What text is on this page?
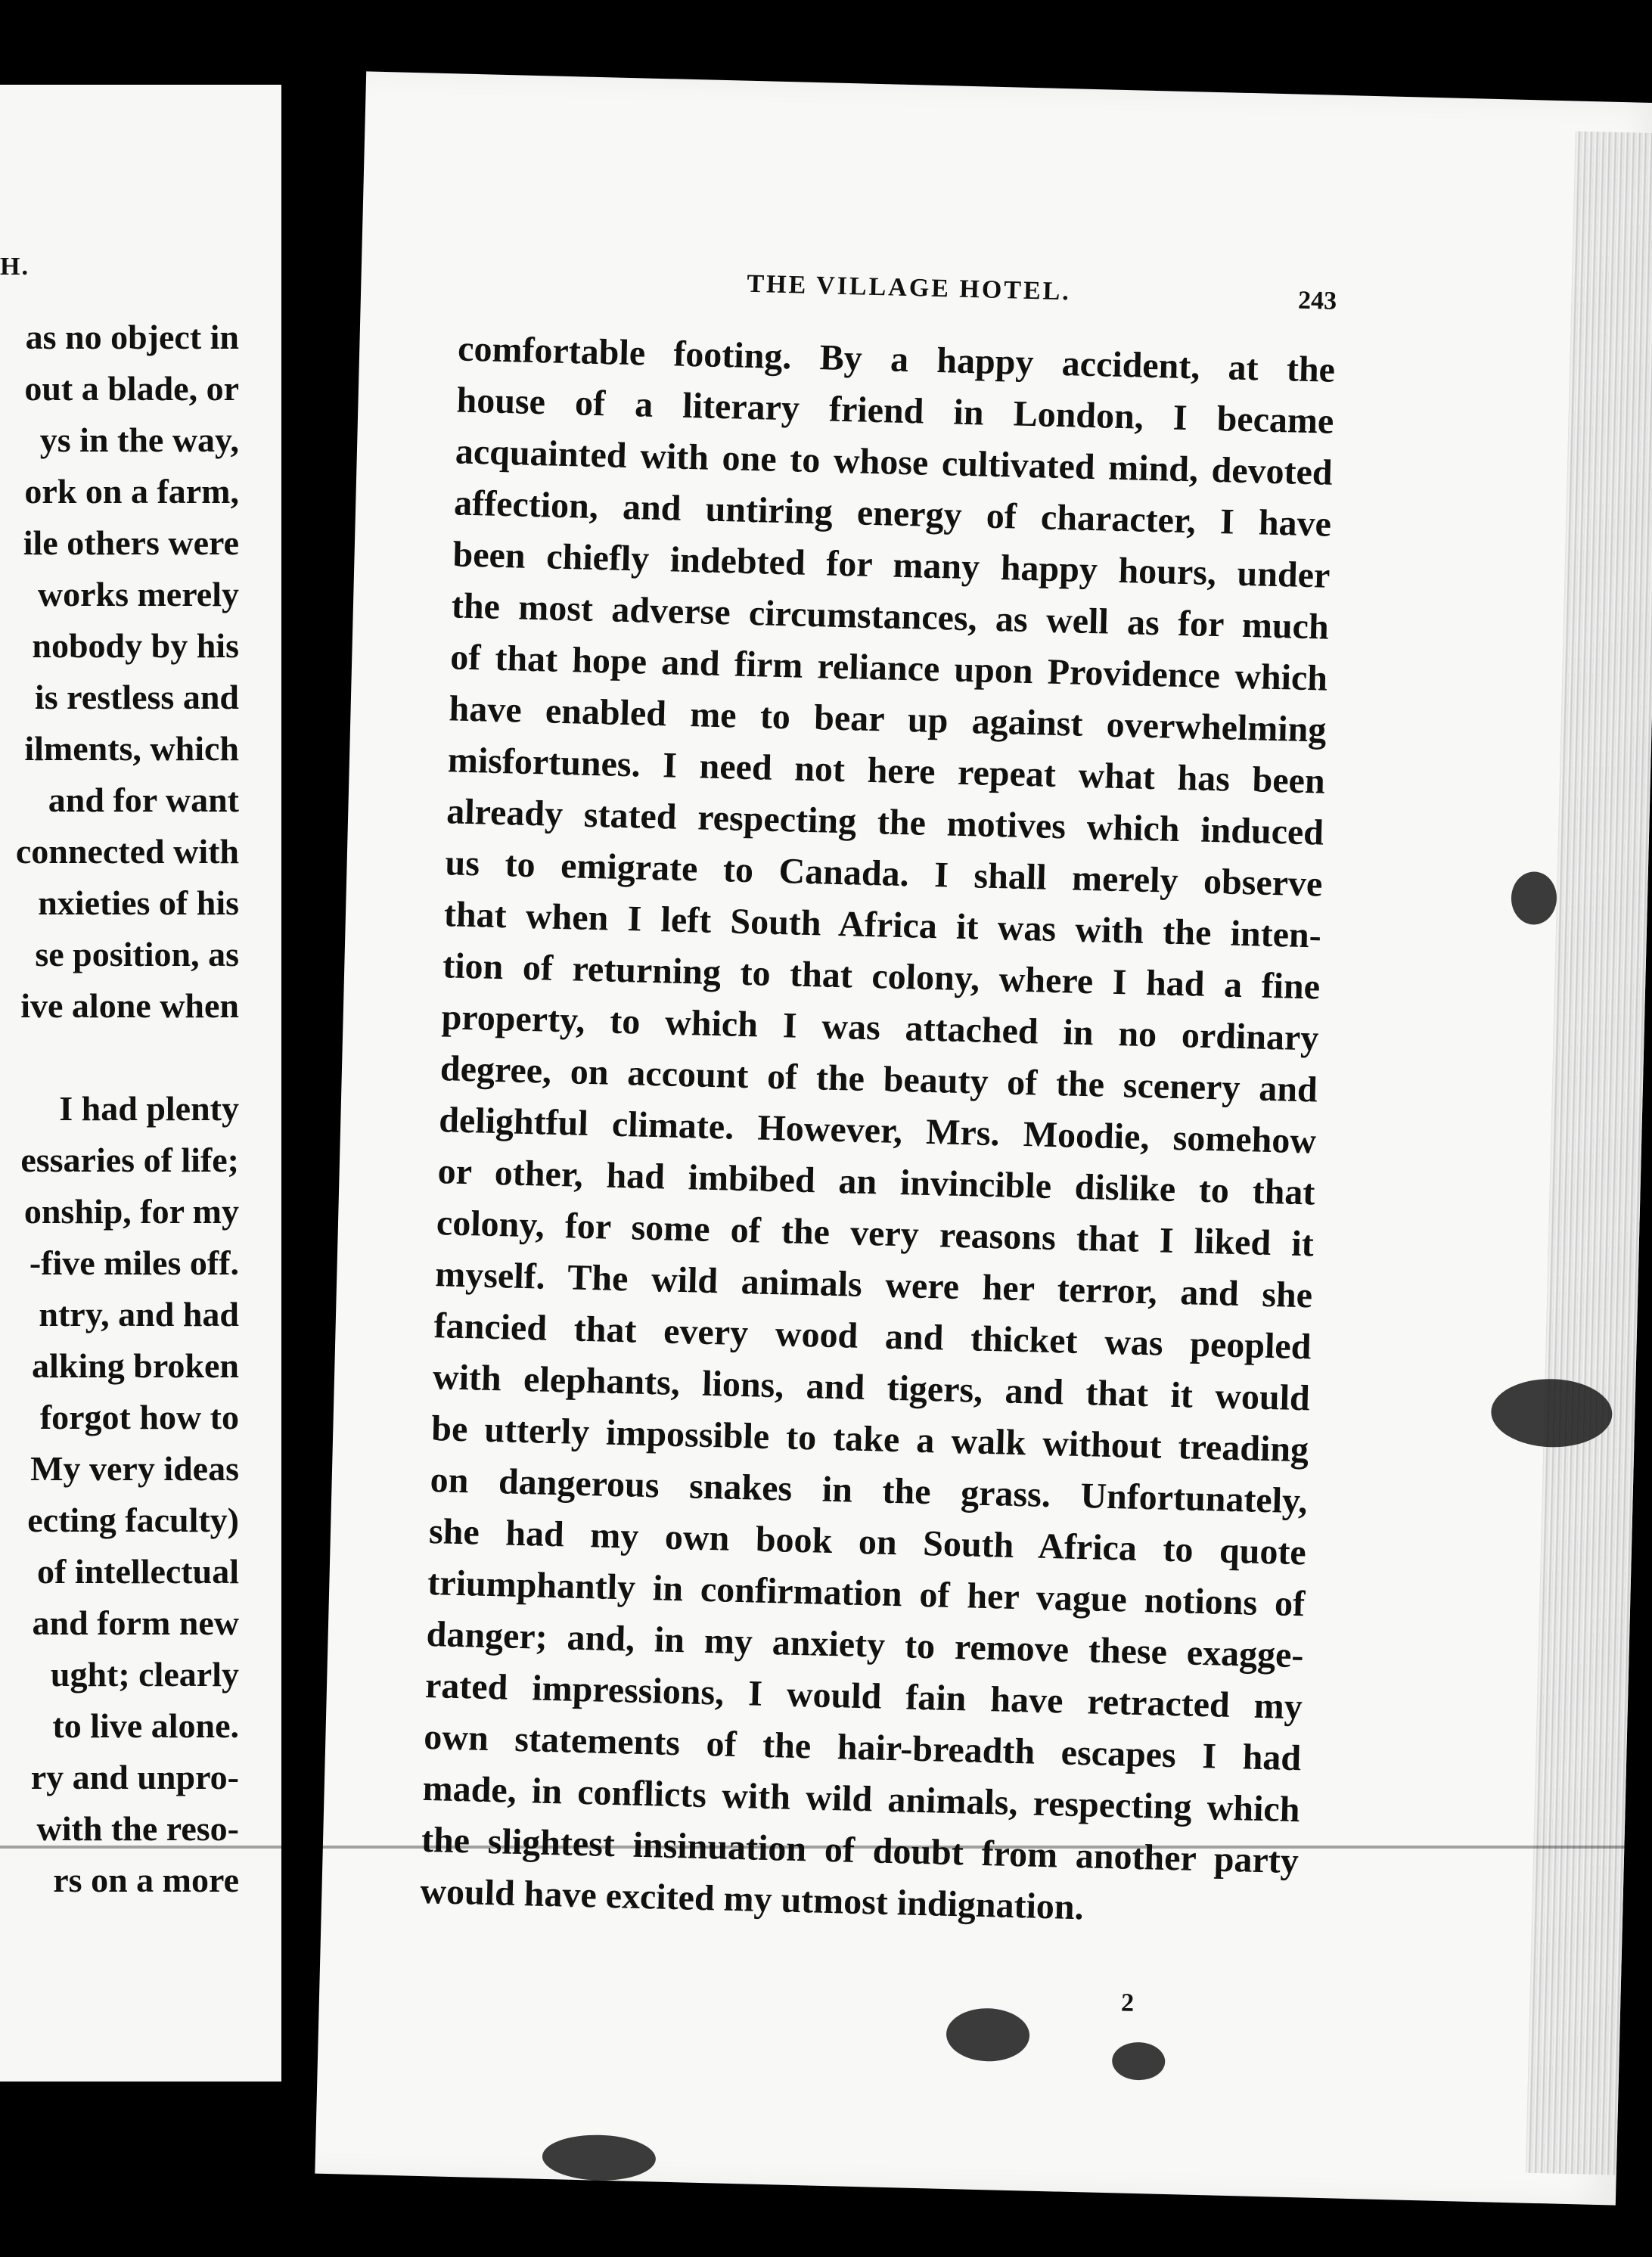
H.
as no object in
out a blade, or
ys in the way,
ork on a farm,
ile others were
works merely
nobody by his
is restless and
ilments, which
and for want
connected with
nxieties of his
se position, as
ive alone when

I had plenty
essaries of life;
onship, for my
-five miles off.
ntry, and had
alking broken
forgot how to
My very ideas
ecting faculty)
of intellectual
and form new
ught; clearly
to live alone.
ry and unpro-
with the reso-
rs on a more
THE VILLAGE HOTEL.	243
comfortable footing. By a happy accident, at the
house of a literary friend in London, I became
acquainted with one to whose cultivated mind, devoted
affection, and untiring energy of character, I have
been chiefly indebted for many happy hours, under
the most adverse circumstances, as well as for much
of that hope and firm reliance upon Providence which
have enabled me to bear up against overwhelming
misfortunes. I need not here repeat what has been
already stated respecting the motives which induced
us to emigrate to Canada. I shall merely observe
that when I left South Africa it was with the inten-
tion of returning to that colony, where I had a fine
property, to which I was attached in no ordinary
degree, on account of the beauty of the scenery and
delightful climate. However, Mrs. Moodie, somehow
or other, had imbibed an invincible dislike to that
colony, for some of the very reasons that I liked it
myself. The wild animals were her terror, and she
fancied that every wood and thicket was peopled
with elephants, lions, and tigers, and that it would
be utterly impossible to take a walk without treading
on dangerous snakes in the grass. Unfortunately,
she had my own book on South Africa to quote
triumphantly in confirmation of her vague notions of
danger; and, in my anxiety to remove these exagge-
rated impressions, I would fain have retracted my
own statements of the hair-breadth escapes I had
made, in conflicts with wild animals, respecting which
the slightest insinuation of doubt from another party
would have excited my utmost indignation.
2
